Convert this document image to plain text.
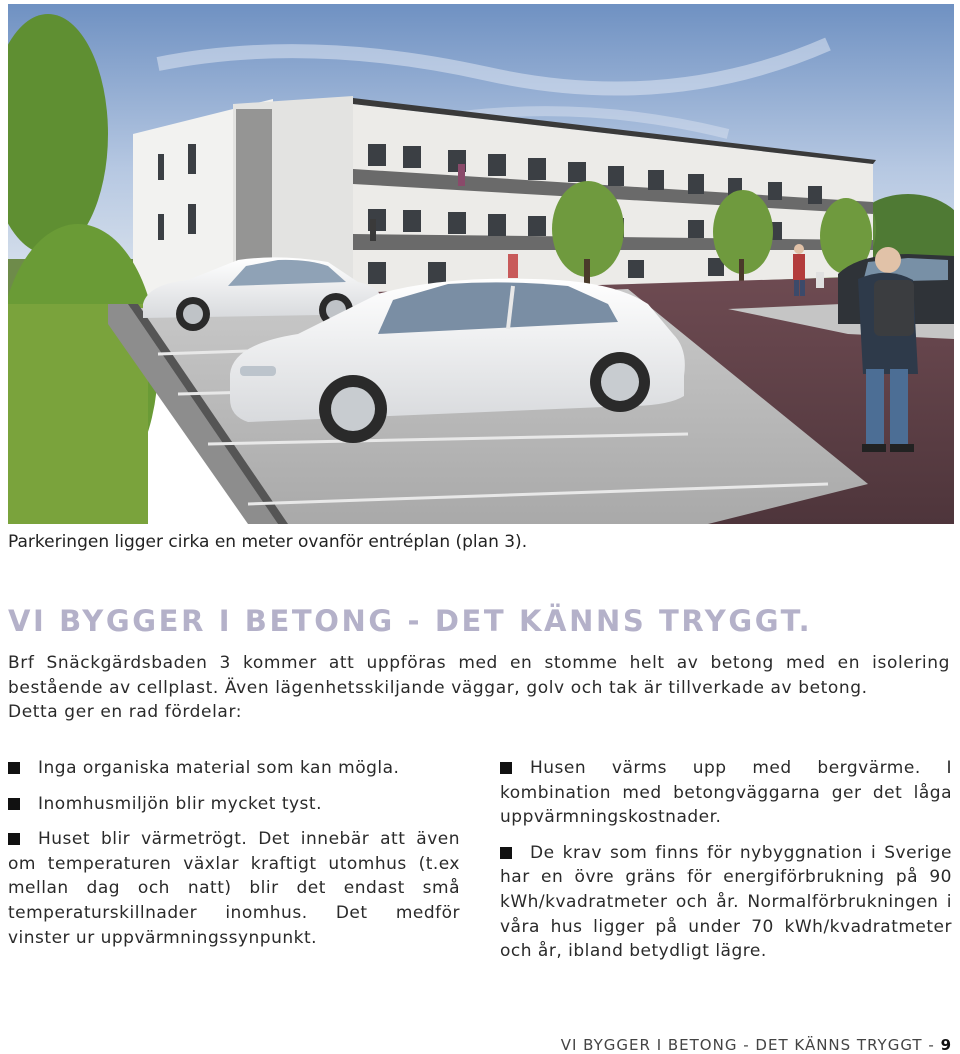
Parkeringen ligger cirka en meter ovanför entréplan (plan 3).
VI BYGGER I BETONG - DET KÄNNS TRYGGT.

Brf Snäckgärdsbaden 3 kommer att uppföras med en stomme helt av betong med en isolering bestående av cellplast. Även lägenhetsskiljande väggar, golv och tak är tillverkade av betong.

Detta ger en rad fördelar:

Inga organiska material som kan mögla.

Inomhusmiljön blir mycket tyst.

Huset blir värmetrögt. Det innebär att även om temperaturen växlar kraftigt utomhus (t.ex mellan dag och natt) blir det endast små temperaturskillnader inomhus. Det medför vinster ur uppvärmningssynpunkt.

Husen värms upp med bergvärme. I kombination med betongväggarna ger det låga uppvärmningskostnader.

De krav som finns för nybyggnation i Sverige har en övre gräns för energiförbrukning på 90 kWh/kvadratmeter och år. Normalförbrukningen i våra hus ligger på under 70 kWh/kvadratmeter och år, ibland betydligt lägre.

VI BYGGER I BETONG - DET KÄNNS TRYGGT - 9
